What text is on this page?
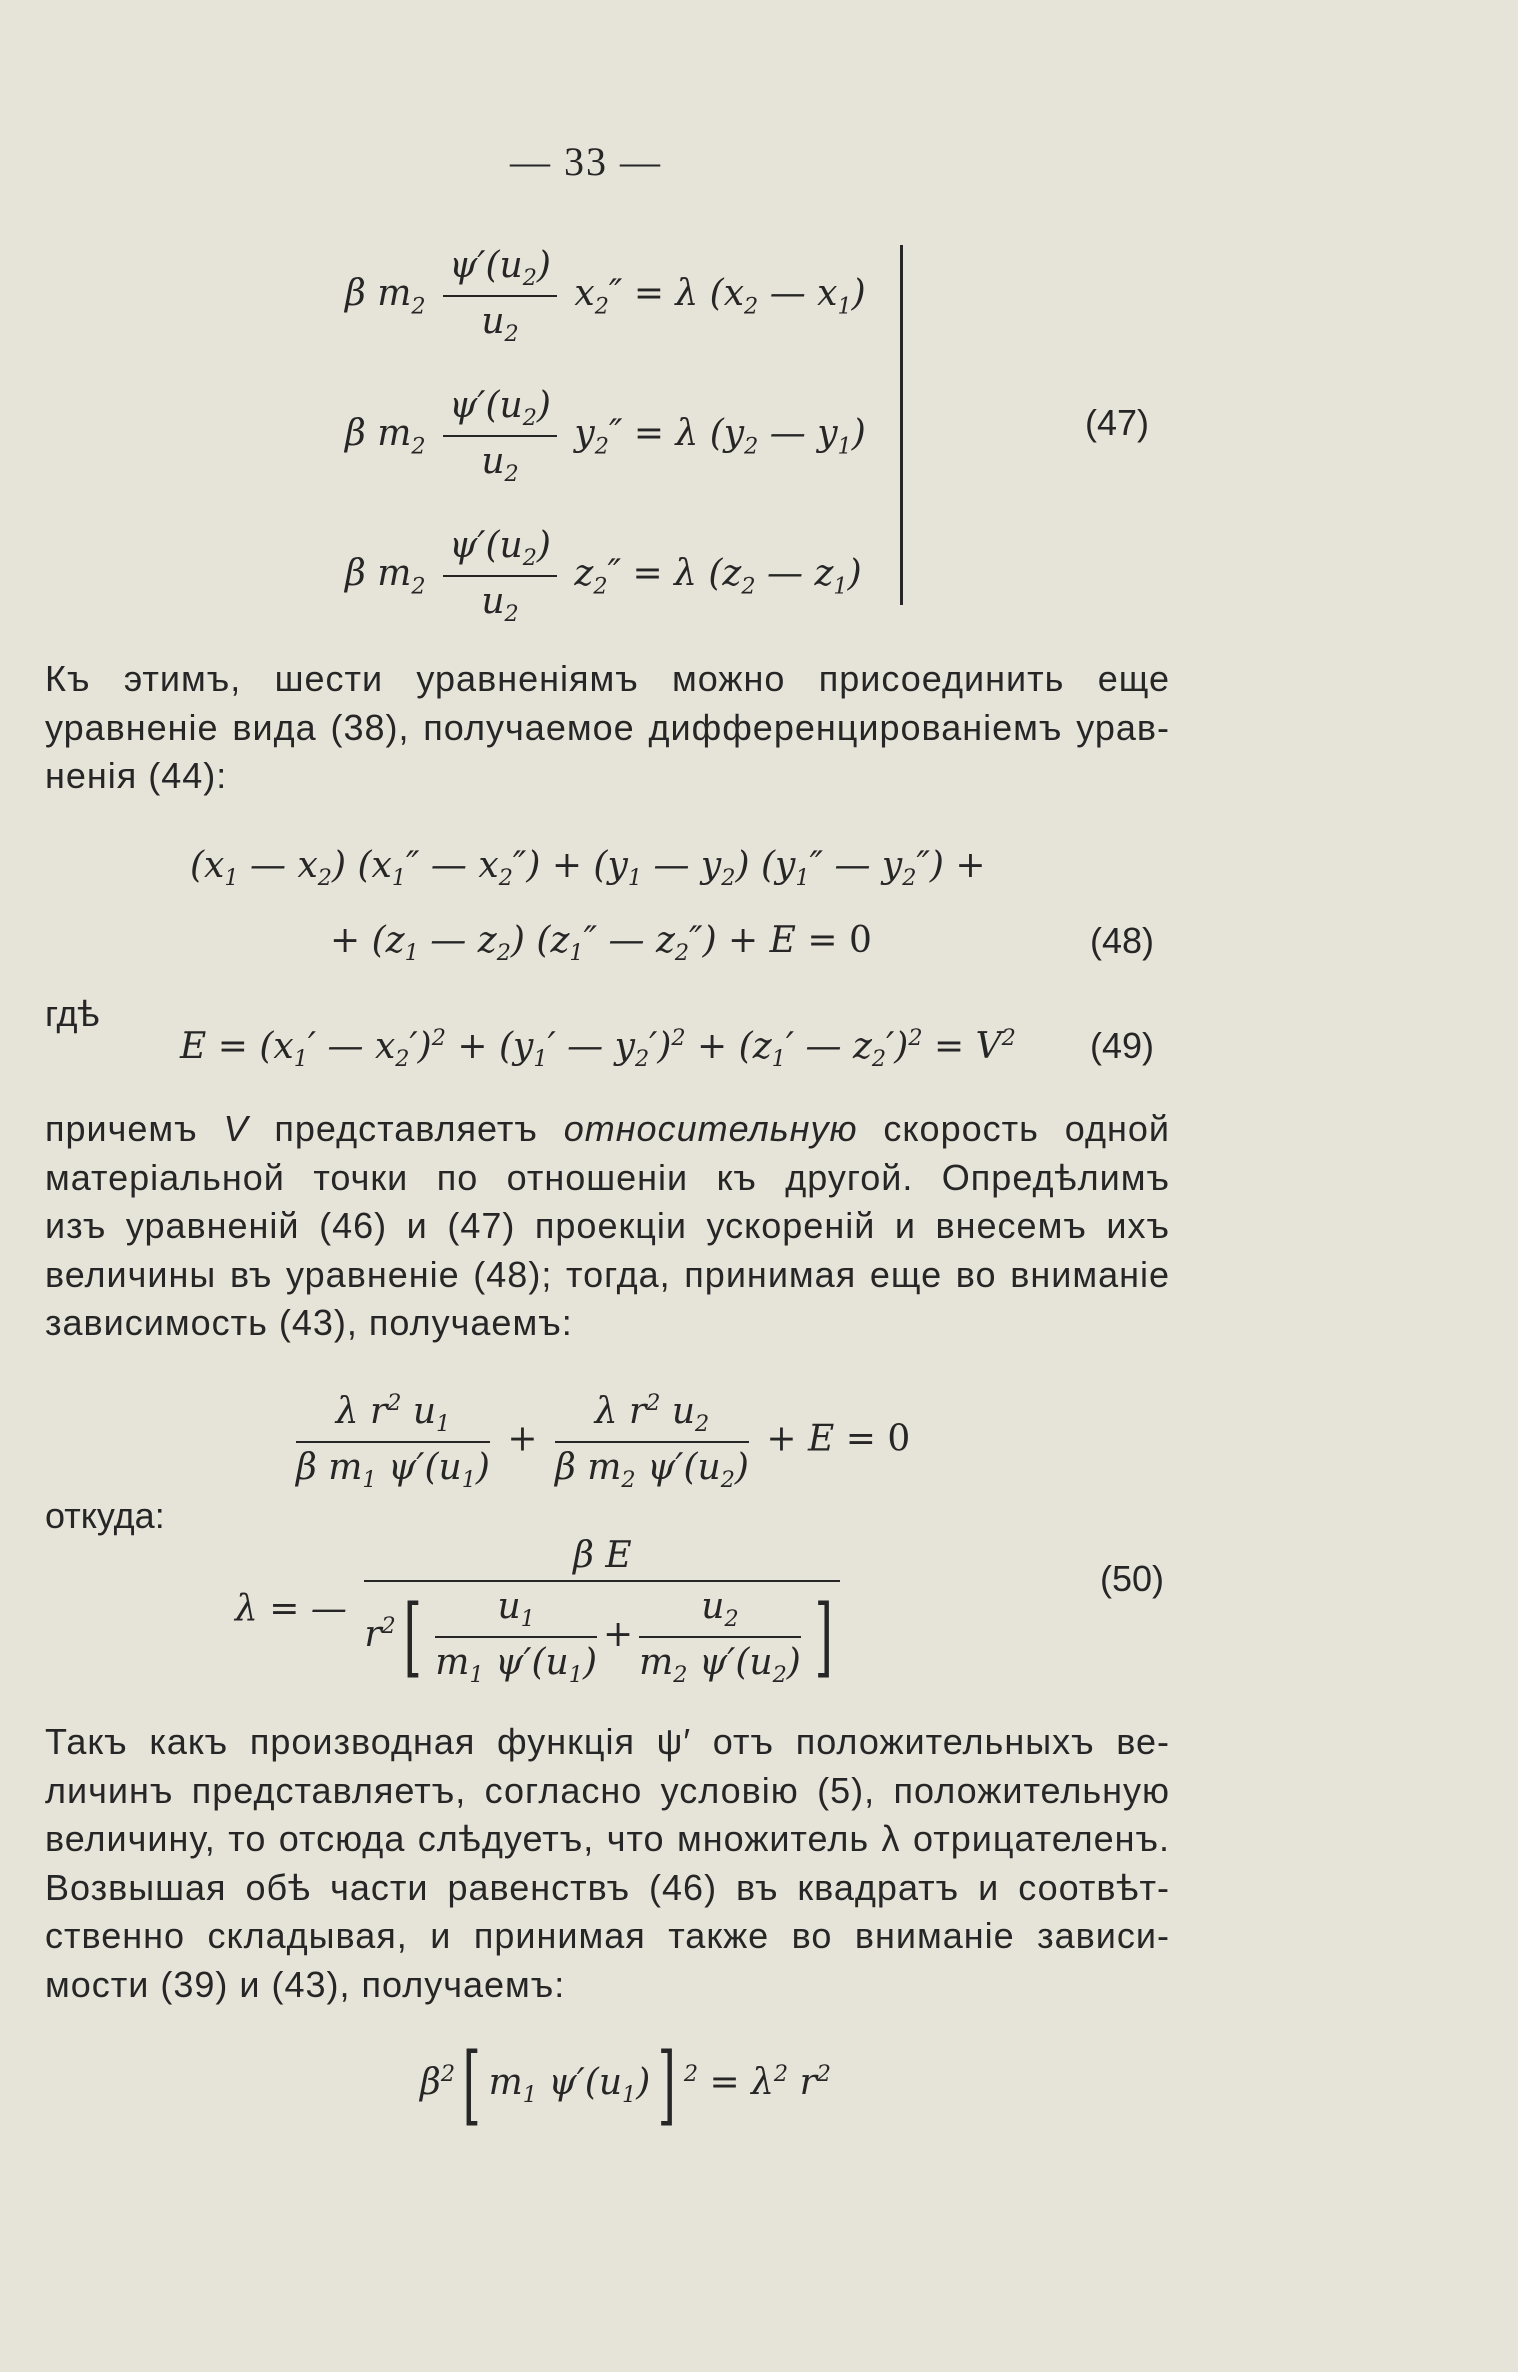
— 33 —
β $m_2 \frac{\psi'(u_2)}{u_2} x_2'' = \lambda$ ($x_2$ — $x_1$)
β $m_2 \frac{\psi'(u_2)}{u_2} y_2'' = \lambda$ ($y_2$ — $y_1$)
β $m_2 \frac{\psi'(u_2)}{u_2} z_2'' = \lambda$ ($z_2$ — $z_1$)
(47)
Къ этимъ, шести уравненіямъ можно присоединить еще
уравненіе вида (38), получаемое дифференцированіемъ урав-
ненія (44):
($x_1$ — $x_2$) ($x_1''$ — $x_2'') + (y_1$ — $y_2$) ($y_1''$ — $y_2''$) +
+ ($z_1$ — $z_2$) ($z_1''$ — $z_2'') + E = 0$	(48)
гдѣ
$E = (x_1'$ — $x_2')^2 + (y_1'$ — $y_2')^2 + (z_1'$ — $z_2')^2 = V^2$ (49)
причемъ V представляетъ относительную скорость одной
матеріальной точки по отношеніи къ другой. Опредѣлимъ
изъ уравненій (46) и (47) проекціи ускореній и внесемъ ихъ
величины въ уравненіе (48); тогда, принимая еще во вниманіе
зависимость (43), получаемъ:
$\frac{\lambda r^2 u_1}{\beta m_1 \psi'(u_1)} + \frac{\lambda r^2 u_2}{\beta m_2 \psi'(u_2)} + E = 0$
откуда:
λ = — $\frac{\text{β E}}{r^2[ \frac{u_1}{m_1 \psi'(u_1)} + \frac{u_2}{m_2 \psi'(u_2)} ]}$	(50)
Такъ какъ производная функція ψ′ отъ положительныхъ ве-
личинъ представляетъ, согласно условію (5), положительную
величину, то отсюда слѣдуетъ, что множитель λ отрицателенъ.
Возвышая обѣ части равенствъ (46) въ квадратъ и соотвѣт-
ственно складывая, и принимая также во вниманіе зависи-
мости (39) и (43), получаемъ:
$\beta^2$[ $m_1$ $\psi'(u_1)$] $^2 = \lambda^2$ $r^2$
